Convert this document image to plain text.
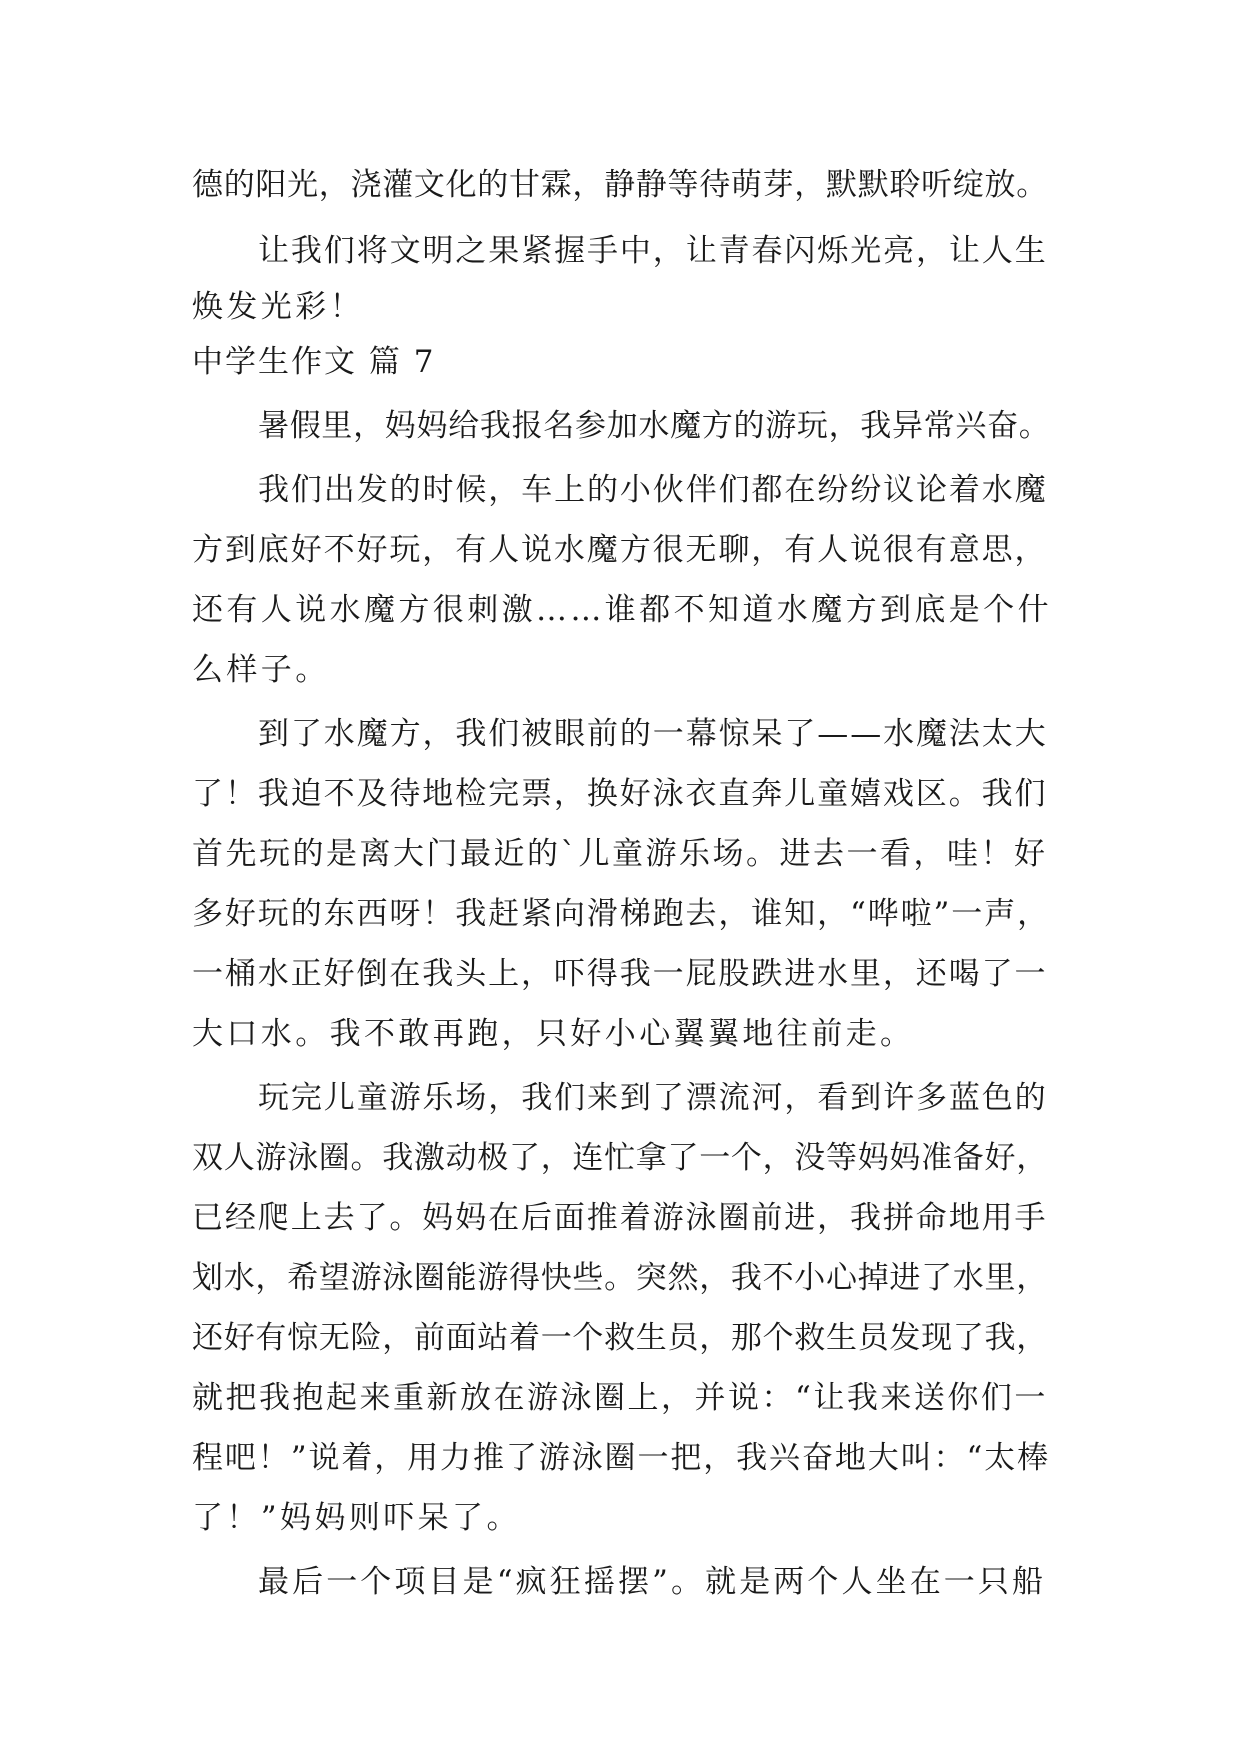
德的阳光，浇灌文化的甘霖，静静等待萌芽，默默聆听绽放。
让我们将文明之果紧握手中，让青春闪烁光亮，让人生
焕发光彩！
中学生作文 篇 7
暑假里，妈妈给我报名参加水魔方的游玩，我异常兴奋。
我们出发的时候，车上的小伙伴们都在纷纷议论着水魔
方到底好不好玩，有人说水魔方很无聊，有人说很有意思，
还有人说水魔方很刺激……谁都不知道水魔方到底是个什
么样子。
到了水魔方，我们被眼前的一幕惊呆了——水魔法太大
了！我迫不及待地检完票，换好泳衣直奔儿童嬉戏区。我们
首先玩的是离大门最近的`儿童游乐场。进去一看，哇！好
多好玩的东西呀！我赶紧向滑梯跑去，谁知，“哗啦”一声，
一桶水正好倒在我头上，吓得我一屁股跌进水里，还喝了一
大口水。我不敢再跑，只好小心翼翼地往前走。
玩完儿童游乐场，我们来到了漂流河，看到许多蓝色的
双人游泳圈。我激动极了，连忙拿了一个，没等妈妈准备好，
已经爬上去了。妈妈在后面推着游泳圈前进，我拼命地用手
划水，希望游泳圈能游得快些。突然，我不小心掉进了水里，
还好有惊无险，前面站着一个救生员，那个救生员发现了我，
就把我抱起来重新放在游泳圈上，并说：“让我来送你们一
程吧！”说着，用力推了游泳圈一把，我兴奋地大叫：“太棒
了！”妈妈则吓呆了。
最后一个项目是“疯狂摇摆”。就是两个人坐在一只船
